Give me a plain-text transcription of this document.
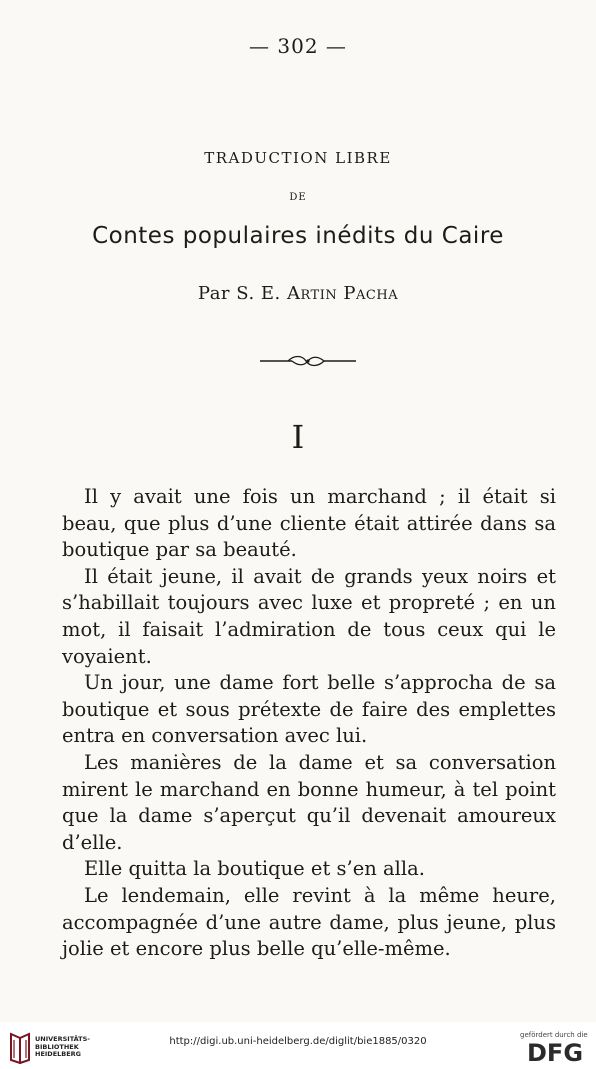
— 302 —
TRADUCTION LIBRE
DE
Contes populaires inédits du Caire
Par S. E. Artin Pacha
I

Il y avait une fois un marchand ; il était si beau, que plus d’une cliente était attirée dans sa boutique par sa beauté.

Il était jeune, il avait de grands yeux noirs et s’habillait toujours avec luxe et propreté ; en un mot, il faisait l’admiration de tous ceux qui le voyaient.

Un jour, une dame fort belle s’approcha de sa boutique et sous prétexte de faire des emplettes entra en conversation avec lui.

Les manières de la dame et sa conversation mirent le marchand en bonne humeur, à tel point que la dame s’aperçut qu’il devenait amoureux d’elle.

Elle quitta la boutique et s’en alla.

Le lendemain, elle revint à la même heure, accompagnée d’une autre dame, plus jeune, plus jolie et encore plus belle qu’elle-même.

UNIVERSITÄTS-
BIBLIOTHEK
HEIDELBERG
http://digi.ub.uni-heidelberg.de/diglit/bie1885/0320
gefördert durch die
DFG
